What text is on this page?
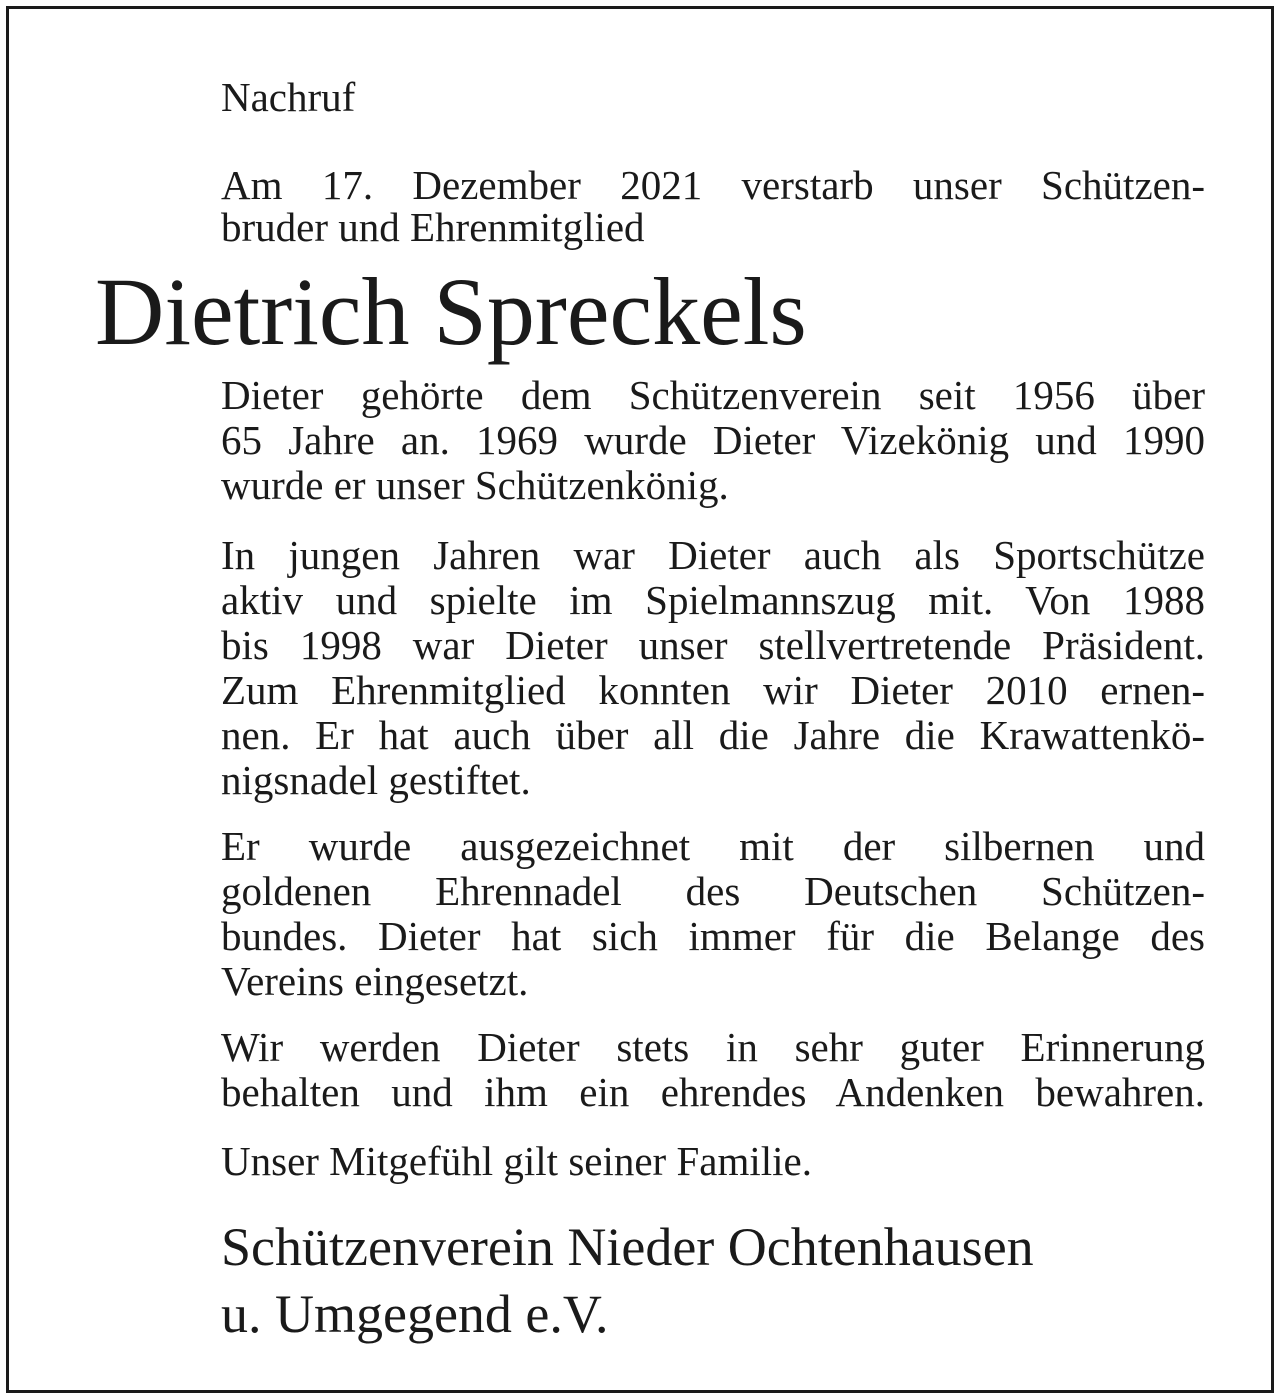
Nachruf

Am 17. Dezember 2021 verstarb unser Schützen-

bruder und Ehrenmitglied

Dietrich Spreckels

Dieter gehörte dem Schützenverein seit 1956 über

65 Jahre an. 1969 wurde Dieter Vizekönig und 1990

wurde er unser Schützenkönig.

In jungen Jahren war Dieter auch als Sportschütze

aktiv und spielte im Spielmannszug mit. Von 1988

bis 1998 war Dieter unser stellvertretende Präsident.

Zum Ehrenmitglied konnten wir Dieter 2010 ernen-

nen. Er hat auch über all die Jahre die Krawattenkö-

nigsnadel gestiftet.

Er wurde ausgezeichnet mit der silbernen und

goldenen Ehrennadel des Deutschen Schützen-

bundes. Dieter hat sich immer für die Belange des

Vereins eingesetzt.

Wir werden Dieter stets in sehr guter Erinnerung

behalten und ihm ein ehrendes Andenken bewahren.

Unser Mitgefühl gilt seiner Familie.

Schützenverein Nieder Ochtenhausen

u. Umgegend e.V.
